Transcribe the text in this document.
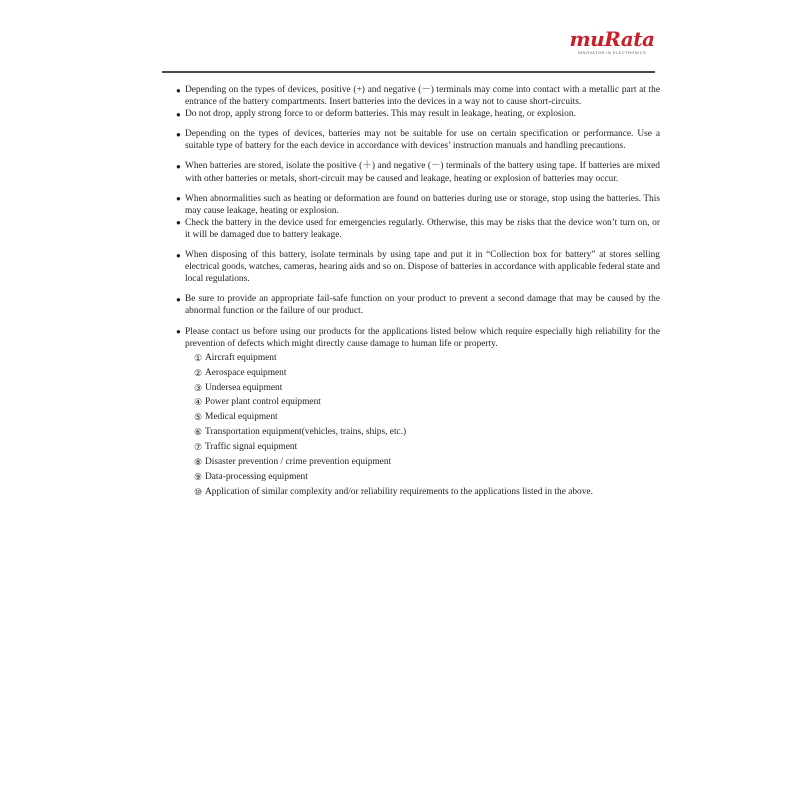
muRata
INNOVATOR IN ELECTRONICS
● Depending on the types of devices, positive (+) and negative (－) terminals may come into contact with a metallic part at the entrance of the battery compartments. Insert batteries into the devices in a way not to cause short-circuits.
● Do not drop, apply strong force to or deform batteries. This may result in leakage, heating, or explosion.
● Depending on the types of devices, batteries may not be suitable for use on certain specification or performance. Use a suitable type of battery for the each device in accordance with devices’ instruction manuals and handling precautions.
● When batteries are stored, isolate the positive (＋) and negative (－) terminals of the battery using tape. If batteries are mixed with other batteries or metals, short-circuit may be caused and leakage, heating or explosion of batteries may occur.
● When abnormalities such as heating or deformation are found on batteries during use or storage, stop using the batteries. This may cause leakage, heating or explosion.
● Check the battery in the device used for emergencies regularly. Otherwise, this may be risks that the device won’t turn on, or it will be damaged due to battery leakage.
● When disposing of this battery, isolate terminals by using tape and put it in “Collection box for battery” at stores selling electrical goods, watches, cameras, hearing aids and so on. Dispose of batteries in accordance with applicable federal state and local regulations.
● Be sure to provide an appropriate fail-safe function on your product to prevent a second damage that may be caused by the abnormal function or the failure of our product.
● Please contact us before using our products for the applications listed below which require especially high reliability for the prevention of defects which might directly cause damage to human life or property.
① Aircraft equipment
② Aerospace equipment
③ Undersea equipment
④ Power plant control equipment
⑤ Medical equipment
⑥ Transportation equipment(vehicles, trains, ships, etc.)
⑦ Traffic signal equipment
⑧ Disaster prevention / crime prevention equipment
⑨ Data-processing equipment
⑩ Application of similar complexity and/or reliability requirements to the applications listed in the above.
